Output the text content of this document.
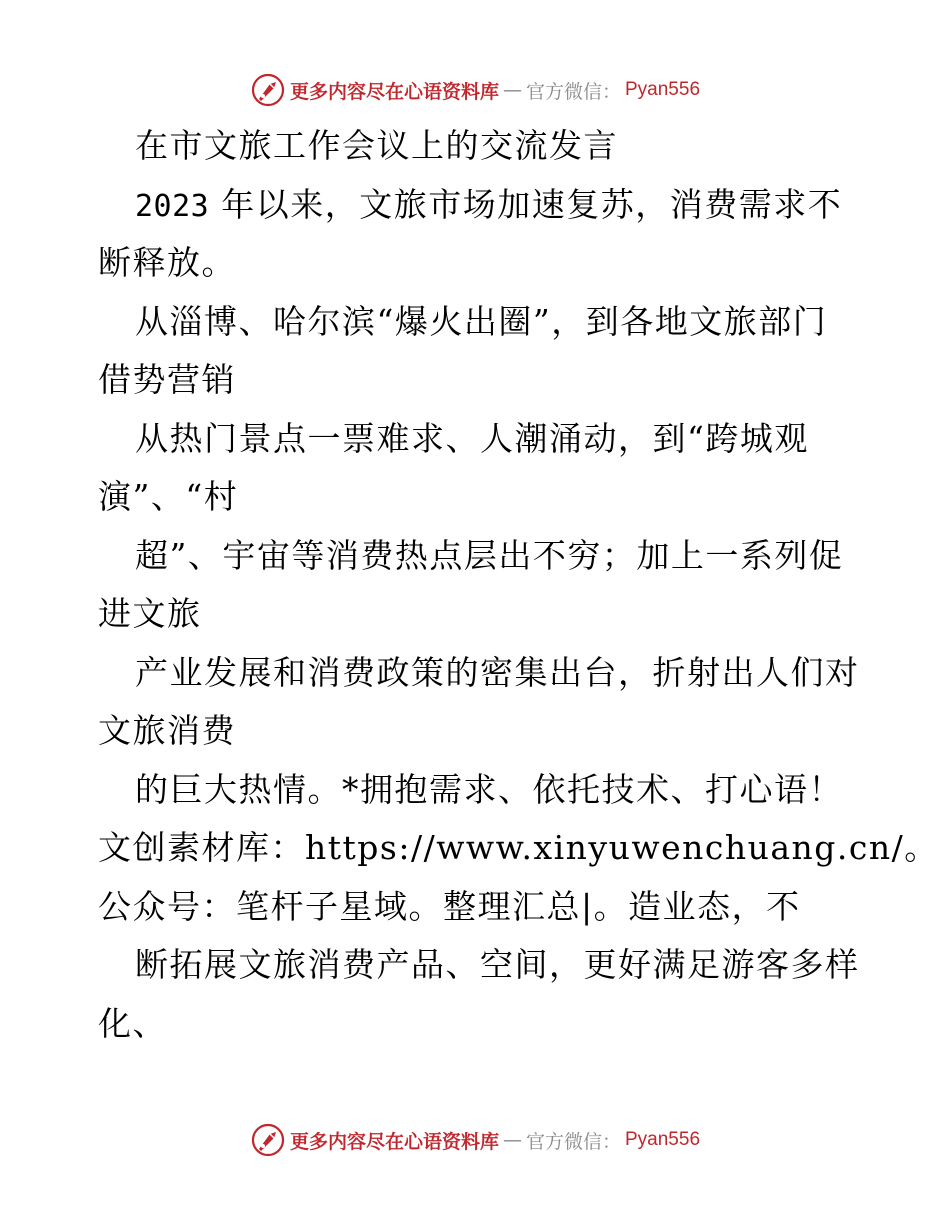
更多内容尽在心语资料库 — 官方微信： Pyan556
在市文旅工作会议上的交流发言
2023 年以来，文旅市场加速复苏，消费需求不
断释放。
从淄博、哈尔滨“爆火出圈”，到各地文旅部门
借势营销
从热门景点一票难求、人潮涌动，到“跨城观
演”、“村
超”、宇宙等消费热点层出不穷；加上一系列促
进文旅
产业发展和消费政策的密集出台，折射出人们对
文旅消费
的巨大热情。*拥抱需求、依托技术、打心语！
文创素材库：https://www.xinyuwenchuang.cn/。
公众号：笔杆子星域。整理汇总|。造业态，不
断拓展文旅消费产品、空间，更好满足游客多样
化、
更多内容尽在心语资料库 — 官方微信： Pyan556
